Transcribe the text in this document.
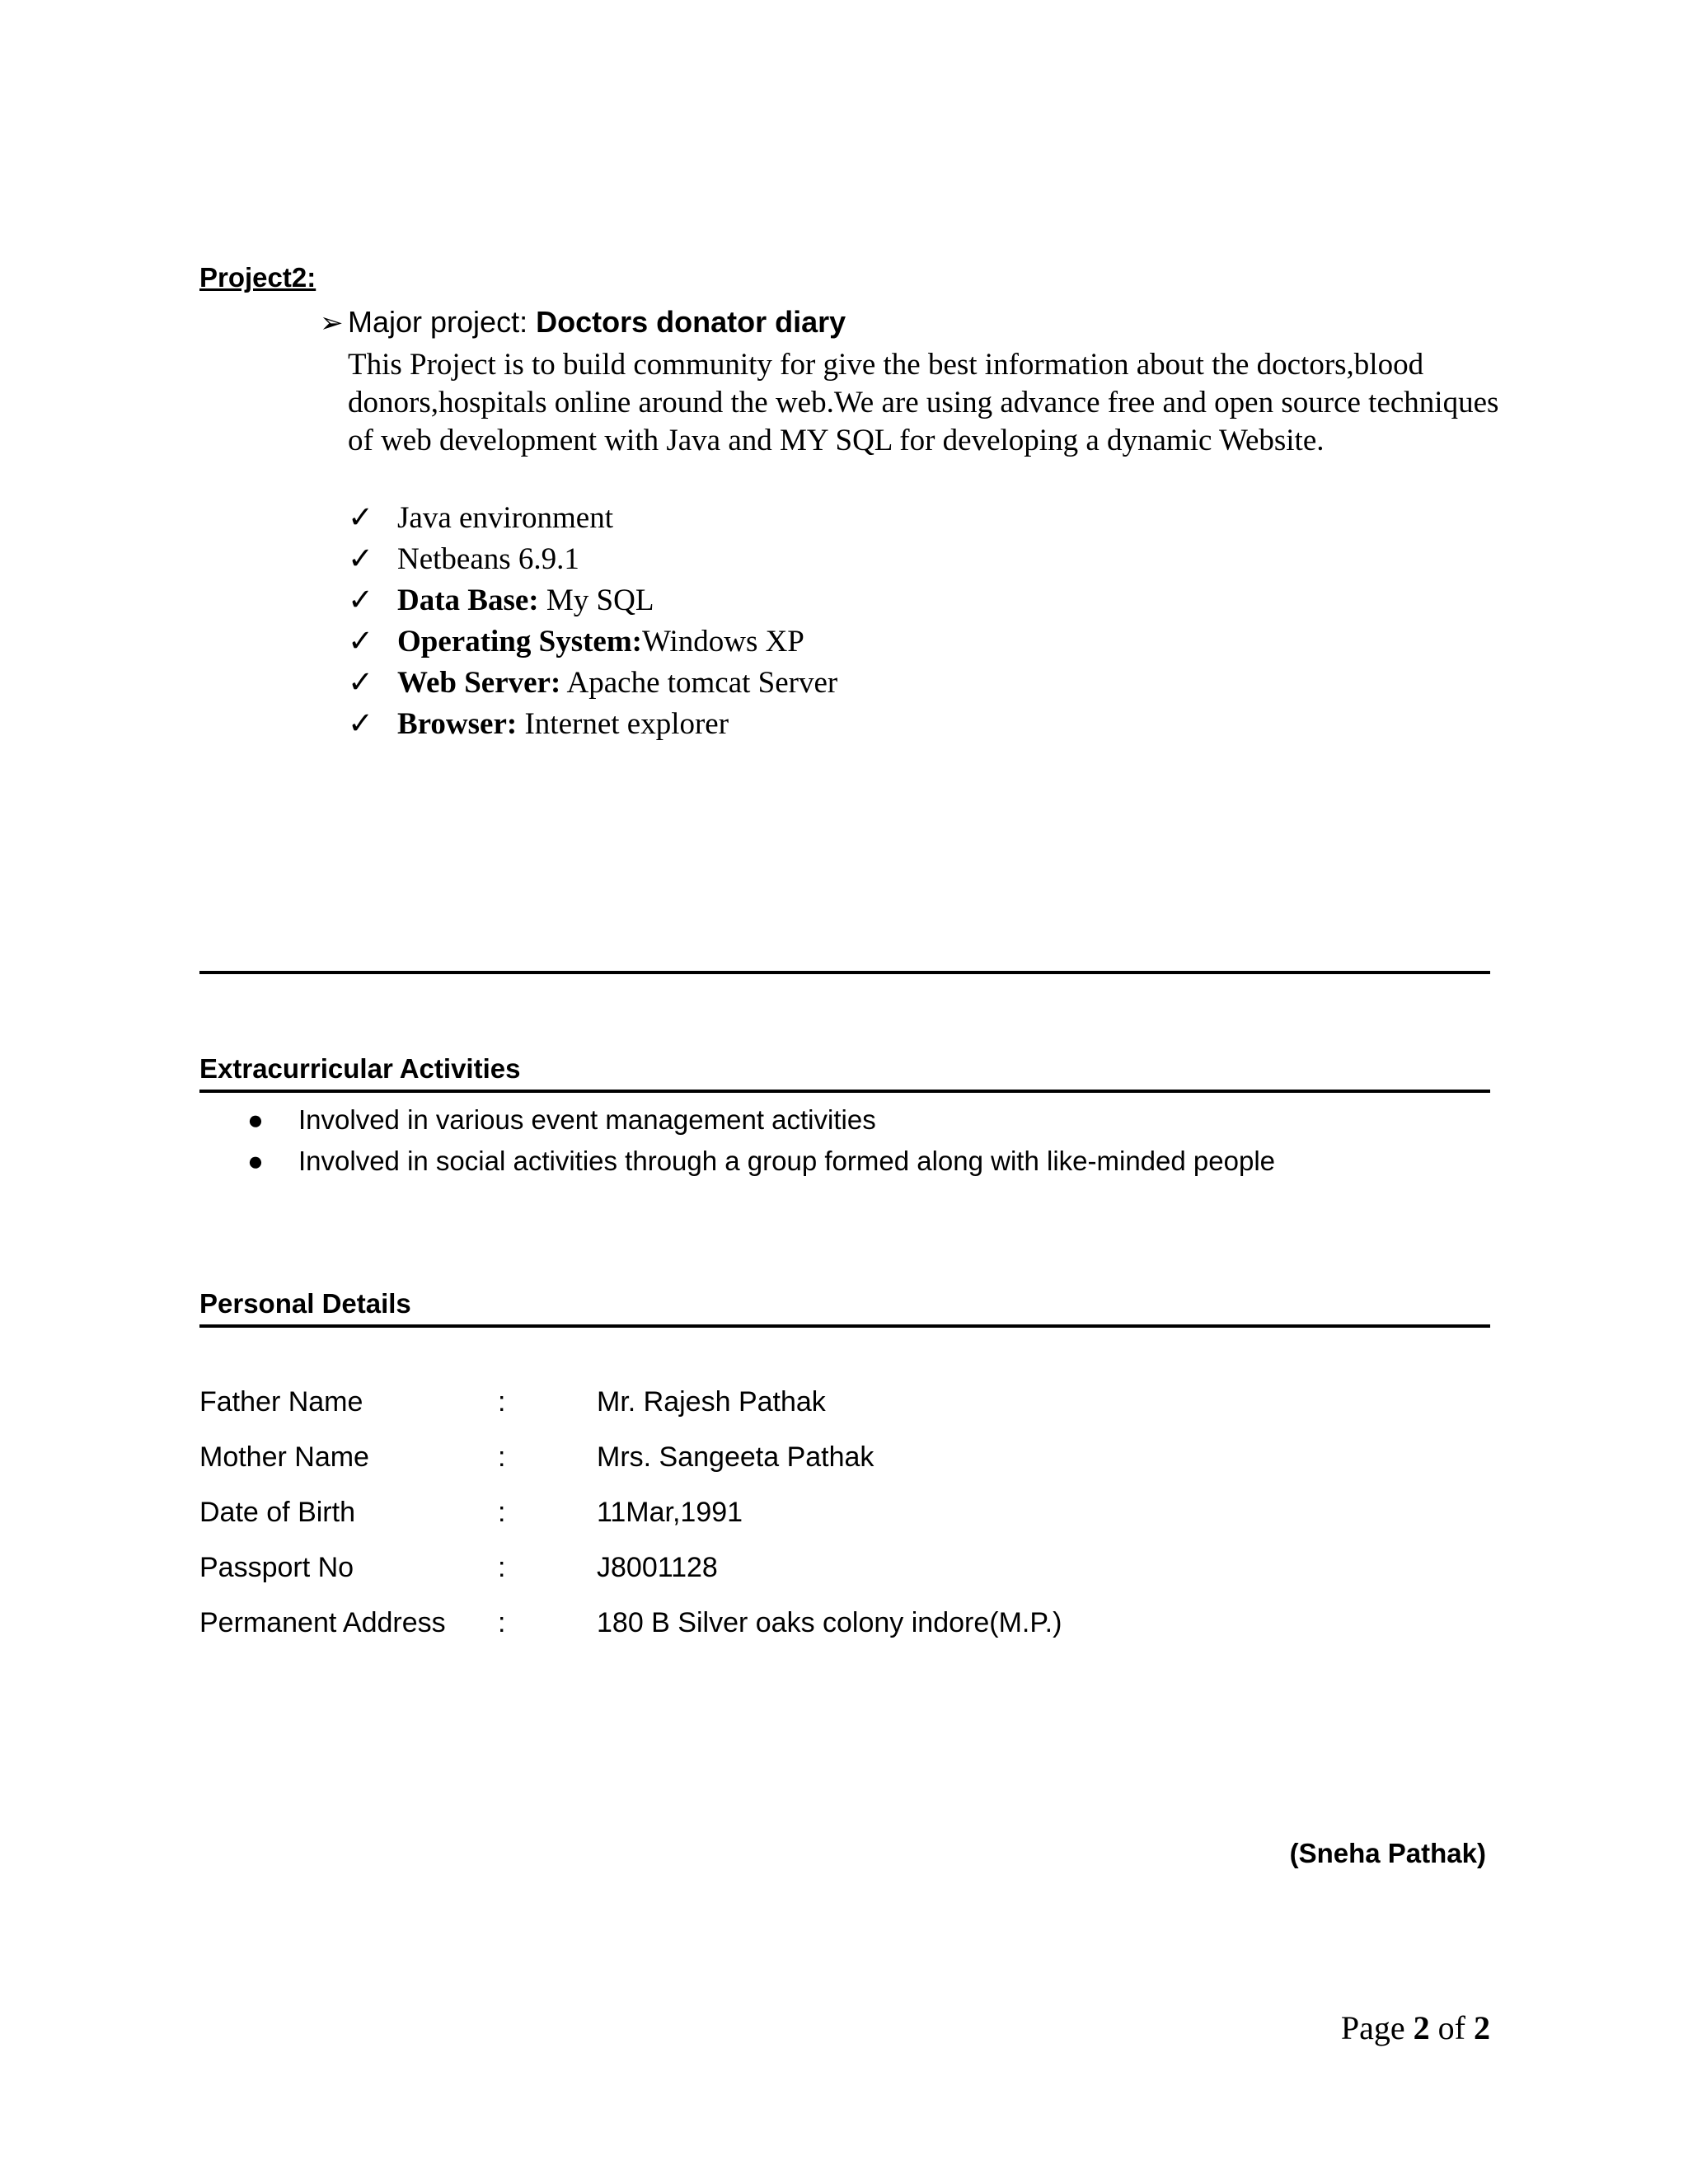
Project2:
➢ Major project: Doctors donator diary
This Project is to build community for give the best information about the doctors,blood donors,hospitals online around the web.We are using advance free and open source techniques of web development with Java and MY SQL for developing a dynamic Website.
✓ Java environment
✓ Netbeans 6.9.1
✓ Data Base: My SQL
✓ Operating System:Windows XP
✓ Web Server: Apache tomcat Server
✓ Browser: Internet explorer
Extracurricular Activities
● Involved in various event management activities
● Involved in social activities through a group formed along with like-minded people
Personal Details
Father Name	:	Mr. Rajesh Pathak
Mother Name	:	Mrs. Sangeeta Pathak
Date of Birth	:	11Mar,1991
Passport No	:	J8001128
Permanent Address :	180 B Silver oaks colony indore(M.P.)
(Sneha Pathak)
Page 2 of 2
